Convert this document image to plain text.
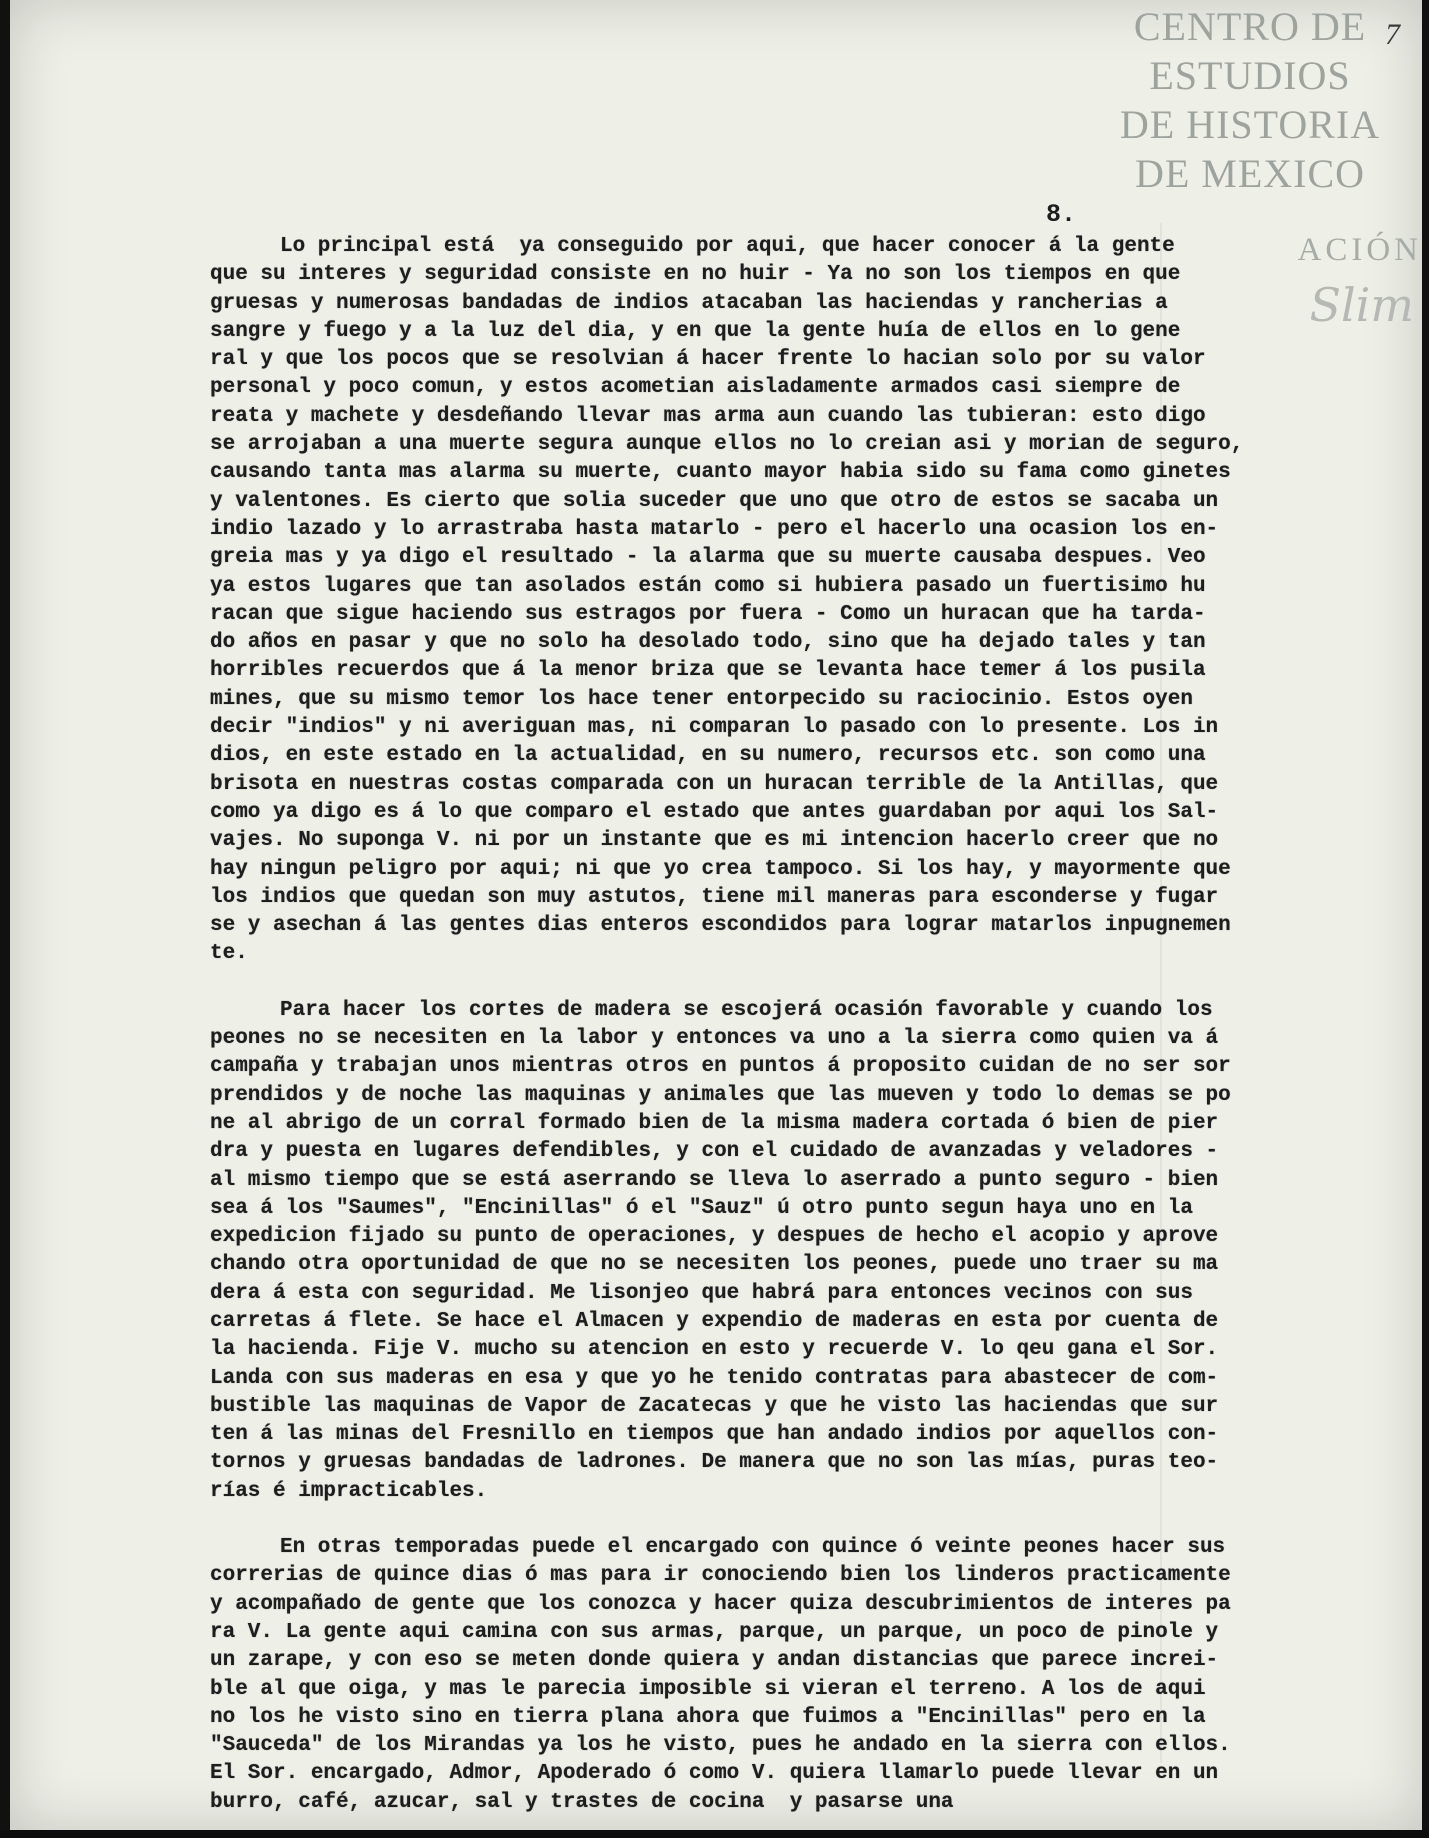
CENTRO DE
ESTUDIOS
DE HISTORIA
DE MEXICO
ACIÓN
Slim
7
8.
Lo principal está  ya conseguido por aqui, que hacer conocer á la gente
que su interes y seguridad consiste en no huir - Ya no son los tiempos en que
gruesas y numerosas bandadas de indios atacaban las haciendas y rancherias a
sangre y fuego y a la luz del dia, y en que la gente huía de ellos en lo gene
ral y que los pocos que se resolvian á hacer frente lo hacian solo por su valor
personal y poco comun, y estos acometian aisladamente armados casi siempre de
reata y machete y desdeñando llevar mas arma aun cuando las tubieran: esto digo
se arrojaban a una muerte segura aunque ellos no lo creian asi y morian de seguro,
causando tanta mas alarma su muerte, cuanto mayor habia sido su fama como ginetes
y valentones. Es cierto que solia suceder que uno que otro de estos se sacaba un
indio lazado y lo arrastraba hasta matarlo - pero el hacerlo una ocasion los en-
greia mas y ya digo el resultado - la alarma que su muerte causaba despues. Veo
ya estos lugares que tan asolados están como si hubiera pasado un fuertisimo hu
racan que sigue haciendo sus estragos por fuera - Como un huracan que ha tarda-
do años en pasar y que no solo ha desolado todo, sino que ha dejado tales y tan
horribles recuerdos que á la menor briza que se levanta hace temer á los pusila
mines, que su mismo temor los hace tener entorpecido su raciocinio. Estos oyen
decir "indios" y ni averiguan mas, ni comparan lo pasado con lo presente. Los in
dios, en este estado en la actualidad, en su numero, recursos etc. son como una
brisota en nuestras costas comparada con un huracan terrible de la Antillas, que
como ya digo es á lo que comparo el estado que antes guardaban por aqui los Sal-
vajes. No suponga V. ni por un instante que es mi intencion hacerlo creer que no
hay ningun peligro por aqui; ni que yo crea tampoco. Si los hay, y mayormente que
los indios que quedan son muy astutos, tiene mil maneras para esconderse y fugar
se y asechan á las gentes dias enteros escondidos para lograr matarlos inpugnemen
te.
Para hacer los cortes de madera se escojerá ocasión favorable y cuando los
peones no se necesiten en la labor y entonces va uno a la sierra como quien va á
campaña y trabajan unos mientras otros en puntos á proposito cuidan de no ser sor
prendidos y de noche las maquinas y animales que las mueven y todo lo demas se po
ne al abrigo de un corral formado bien de la misma madera cortada ó bien de pier
dra y puesta en lugares defendibles, y con el cuidado de avanzadas y veladores -
al mismo tiempo que se está aserrando se lleva lo aserrado a punto seguro - bien
sea á los "Saumes", "Encinillas" ó el "Sauz" ú otro punto segun haya uno en la
expedicion fijado su punto de operaciones, y despues de hecho el acopio y aprove
chando otra oportunidad de que no se necesiten los peones, puede uno traer su ma
dera á esta con seguridad. Me lisonjeo que habrá para entonces vecinos con sus
carretas á flete. Se hace el Almacen y expendio de maderas en esta por cuenta de
la hacienda. Fije V. mucho su atencion en esto y recuerde V. lo qeu gana el Sor.
Landa con sus maderas en esa y que yo he tenido contratas para abastecer de com-
bustible las maquinas de Vapor de Zacatecas y que he visto las haciendas que sur
ten á las minas del Fresnillo en tiempos que han andado indios por aquellos con-
tornos y gruesas bandadas de ladrones. De manera que no son las mías, puras teo-
rías é impracticables.
En otras temporadas puede el encargado con quince ó veinte peones hacer sus
correrias de quince dias ó mas para ir conociendo bien los linderos practicamente
y acompañado de gente que los conozca y hacer quiza descubrimientos de interes pa
ra V. La gente aqui camina con sus armas, parque, un parque, un poco de pinole y
un zarape, y con eso se meten donde quiera y andan distancias que parece increi-
ble al que oiga, y mas le parecia imposible si vieran el terreno. A los de aqui
no los he visto sino en tierra plana ahora que fuimos a "Encinillas" pero en la
"Sauceda" de los Mirandas ya los he visto, pues he andado en la sierra con ellos.
El Sor. encargado, Admor, Apoderado ó como V. quiera llamarlo puede llevar en un
burro, café, azucar, sal y trastes de cocina  y pasarse una
